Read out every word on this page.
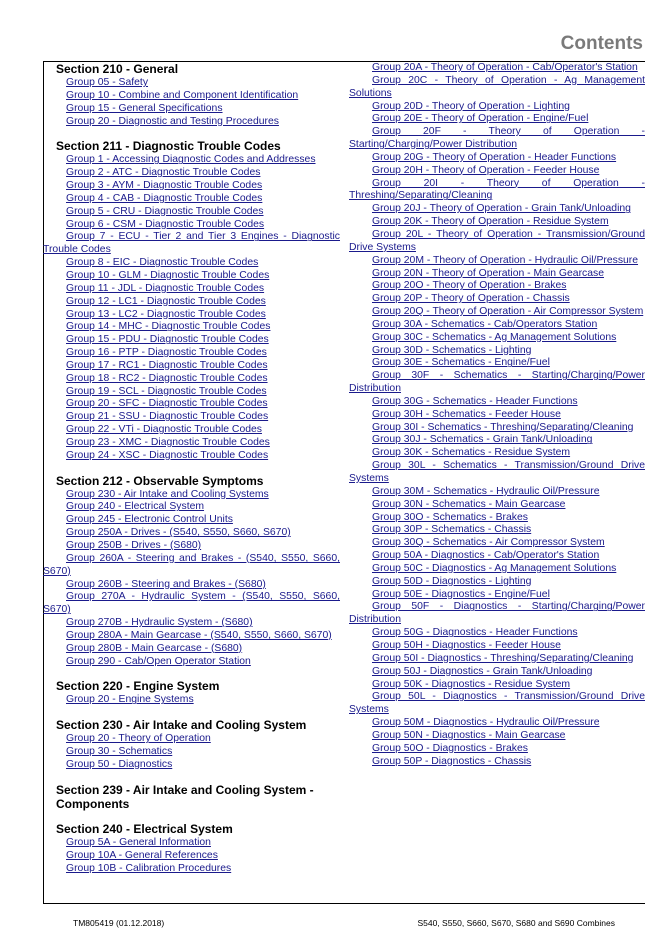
Contents
Section 210 - General
Group 05 - Safety
Group 10 - Combine and Component Identification
Group 15 - General Specifications
Group 20 - Diagnostic and Testing Procedures
Section 211 - Diagnostic Trouble Codes
Group 1 - Accessing Diagnostic Codes and Addresses
Group 2 - ATC - Diagnostic Trouble Codes
Group 3 - AYM - Diagnostic Trouble Codes
Group 4 - CAB - Diagnostic Trouble Codes
Group 5 - CRU - Diagnostic Trouble Codes
Group 6 - CSM - Diagnostic Trouble Codes
Group 7 - ECU - Tier 2 and Tier 3 Engines - Diagnostic Trouble Codes
Group 8 - EIC - Diagnostic Trouble Codes
Group 10 - GLM - Diagnostic Trouble Codes
Group 11 - JDL - Diagnostic Trouble Codes
Group 12 - LC1 - Diagnostic Trouble Codes
Group 13 - LC2 - Diagnostic Trouble Codes
Group 14 - MHC - Diagnostic Trouble Codes
Group 15 - PDU - Diagnostic Trouble Codes
Group 16 - PTP - Diagnostic Trouble Codes
Group 17 - RC1 - Diagnostic Trouble Codes
Group 18 - RC2 - Diagnostic Trouble Codes
Group 19 - SCL - Diagnostic Trouble Codes
Group 20 - SFC - Diagnostic Trouble Codes
Group 21 - SSU - Diagnostic Trouble Codes
Group 22 - VTi - Diagnostic Trouble Codes
Group 23 - XMC - Diagnostic Trouble Codes
Group 24 - XSC - Diagnostic Trouble Codes
Section 212 - Observable Symptoms
Group 230 - Air Intake and Cooling Systems
Group 240 - Electrical System
Group 245 - Electronic Control Units
Group 250A - Drives - (S540, S550, S660, S670)
Group 250B - Drives - (S680)
Group 260A - Steering and Brakes - (S540, S550, S660, S670)
Group 260B - Steering and Brakes - (S680)
Group 270A - Hydraulic System - (S540, S550, S660, S670)
Group 270B - Hydraulic System - (S680)
Group 280A - Main Gearcase - (S540, S550, S660, S670)
Group 280B - Main Gearcase - (S680)
Group 290 - Cab/Open Operator Station
Section 220 - Engine System
Group 20 - Engine Systems
Section 230 - Air Intake and Cooling System
Group 20 - Theory of Operation
Group 30 - Schematics
Group 50 - Diagnostics
Section 239 - Air Intake and Cooling System - Components
Section 240 - Electrical System
Group 5A - General Information
Group 10A - General References
Group 10B - Calibration Procedures
Group 20A - Theory of Operation - Cab/Operator's Station
Group 20C - Theory of Operation - Ag Management Solutions
Group 20D - Theory of Operation - Lighting
Group 20E - Theory of Operation - Engine/Fuel
Group 20F - Theory of Operation - Starting/Charging/Power Distribution
Group 20G - Theory of Operation - Header Functions
Group 20H - Theory of Operation - Feeder House
Group 20I - Theory of Operation - Threshing/Separating/Cleaning
Group 20J - Theory of Operation - Grain Tank/Unloading
Group 20K - Theory of Operation - Residue System
Group 20L - Theory of Operation - Transmission/Ground Drive Systems
Group 20M - Theory of Operation - Hydraulic Oil/Pressure
Group 20N - Theory of Operation - Main Gearcase
Group 20O - Theory of Operation - Brakes
Group 20P - Theory of Operation - Chassis
Group 20Q - Theory of Operation - Air Compressor System
Group 30A - Schematics - Cab/Operators Station
Group 30C - Schematics - Ag Management Solutions
Group 30D - Schematics - Lighting
Group 30E - Schematics - Engine/Fuel
Group 30F - Schematics - Starting/Charging/Power Distribution
Group 30G - Schematics - Header Functions
Group 30H - Schematics - Feeder House
Group 30I - Schematics - Threshing/Separating/Cleaning
Group 30J - Schematics - Grain Tank/Unloading
Group 30K - Schematics - Residue System
Group 30L - Schematics - Transmission/Ground Drive Systems
Group 30M - Schematics - Hydraulic Oil/Pressure
Group 30N - Schematics - Main Gearcase
Group 30O - Schematics - Brakes
Group 30P - Schematics - Chassis
Group 30Q - Schematics - Air Compressor System
Group 50A - Diagnostics - Cab/Operator's Station
Group 50C - Diagnostics - Ag Management Solutions
Group 50D - Diagnostics - Lighting
Group 50E - Diagnostics - Engine/Fuel
Group 50F - Diagnostics - Starting/Charging/Power Distribution
Group 50G - Diagnostics - Header Functions
Group 50H - Diagnostics - Feeder House
Group 50I - Diagnostics - Threshing/Separating/Cleaning
Group 50J - Diagnostics - Grain Tank/Unloading
Group 50K - Diagnostics - Residue System
Group 50L - Diagnostics - Transmission/Ground Drive Systems
Group 50M - Diagnostics - Hydraulic Oil/Pressure
Group 50N - Diagnostics - Main Gearcase
Group 50O - Diagnostics - Brakes
Group 50P - Diagnostics - Chassis
TM805419 (01.12.2018)	S540, S550, S660, S670, S680 and S690 Combines
